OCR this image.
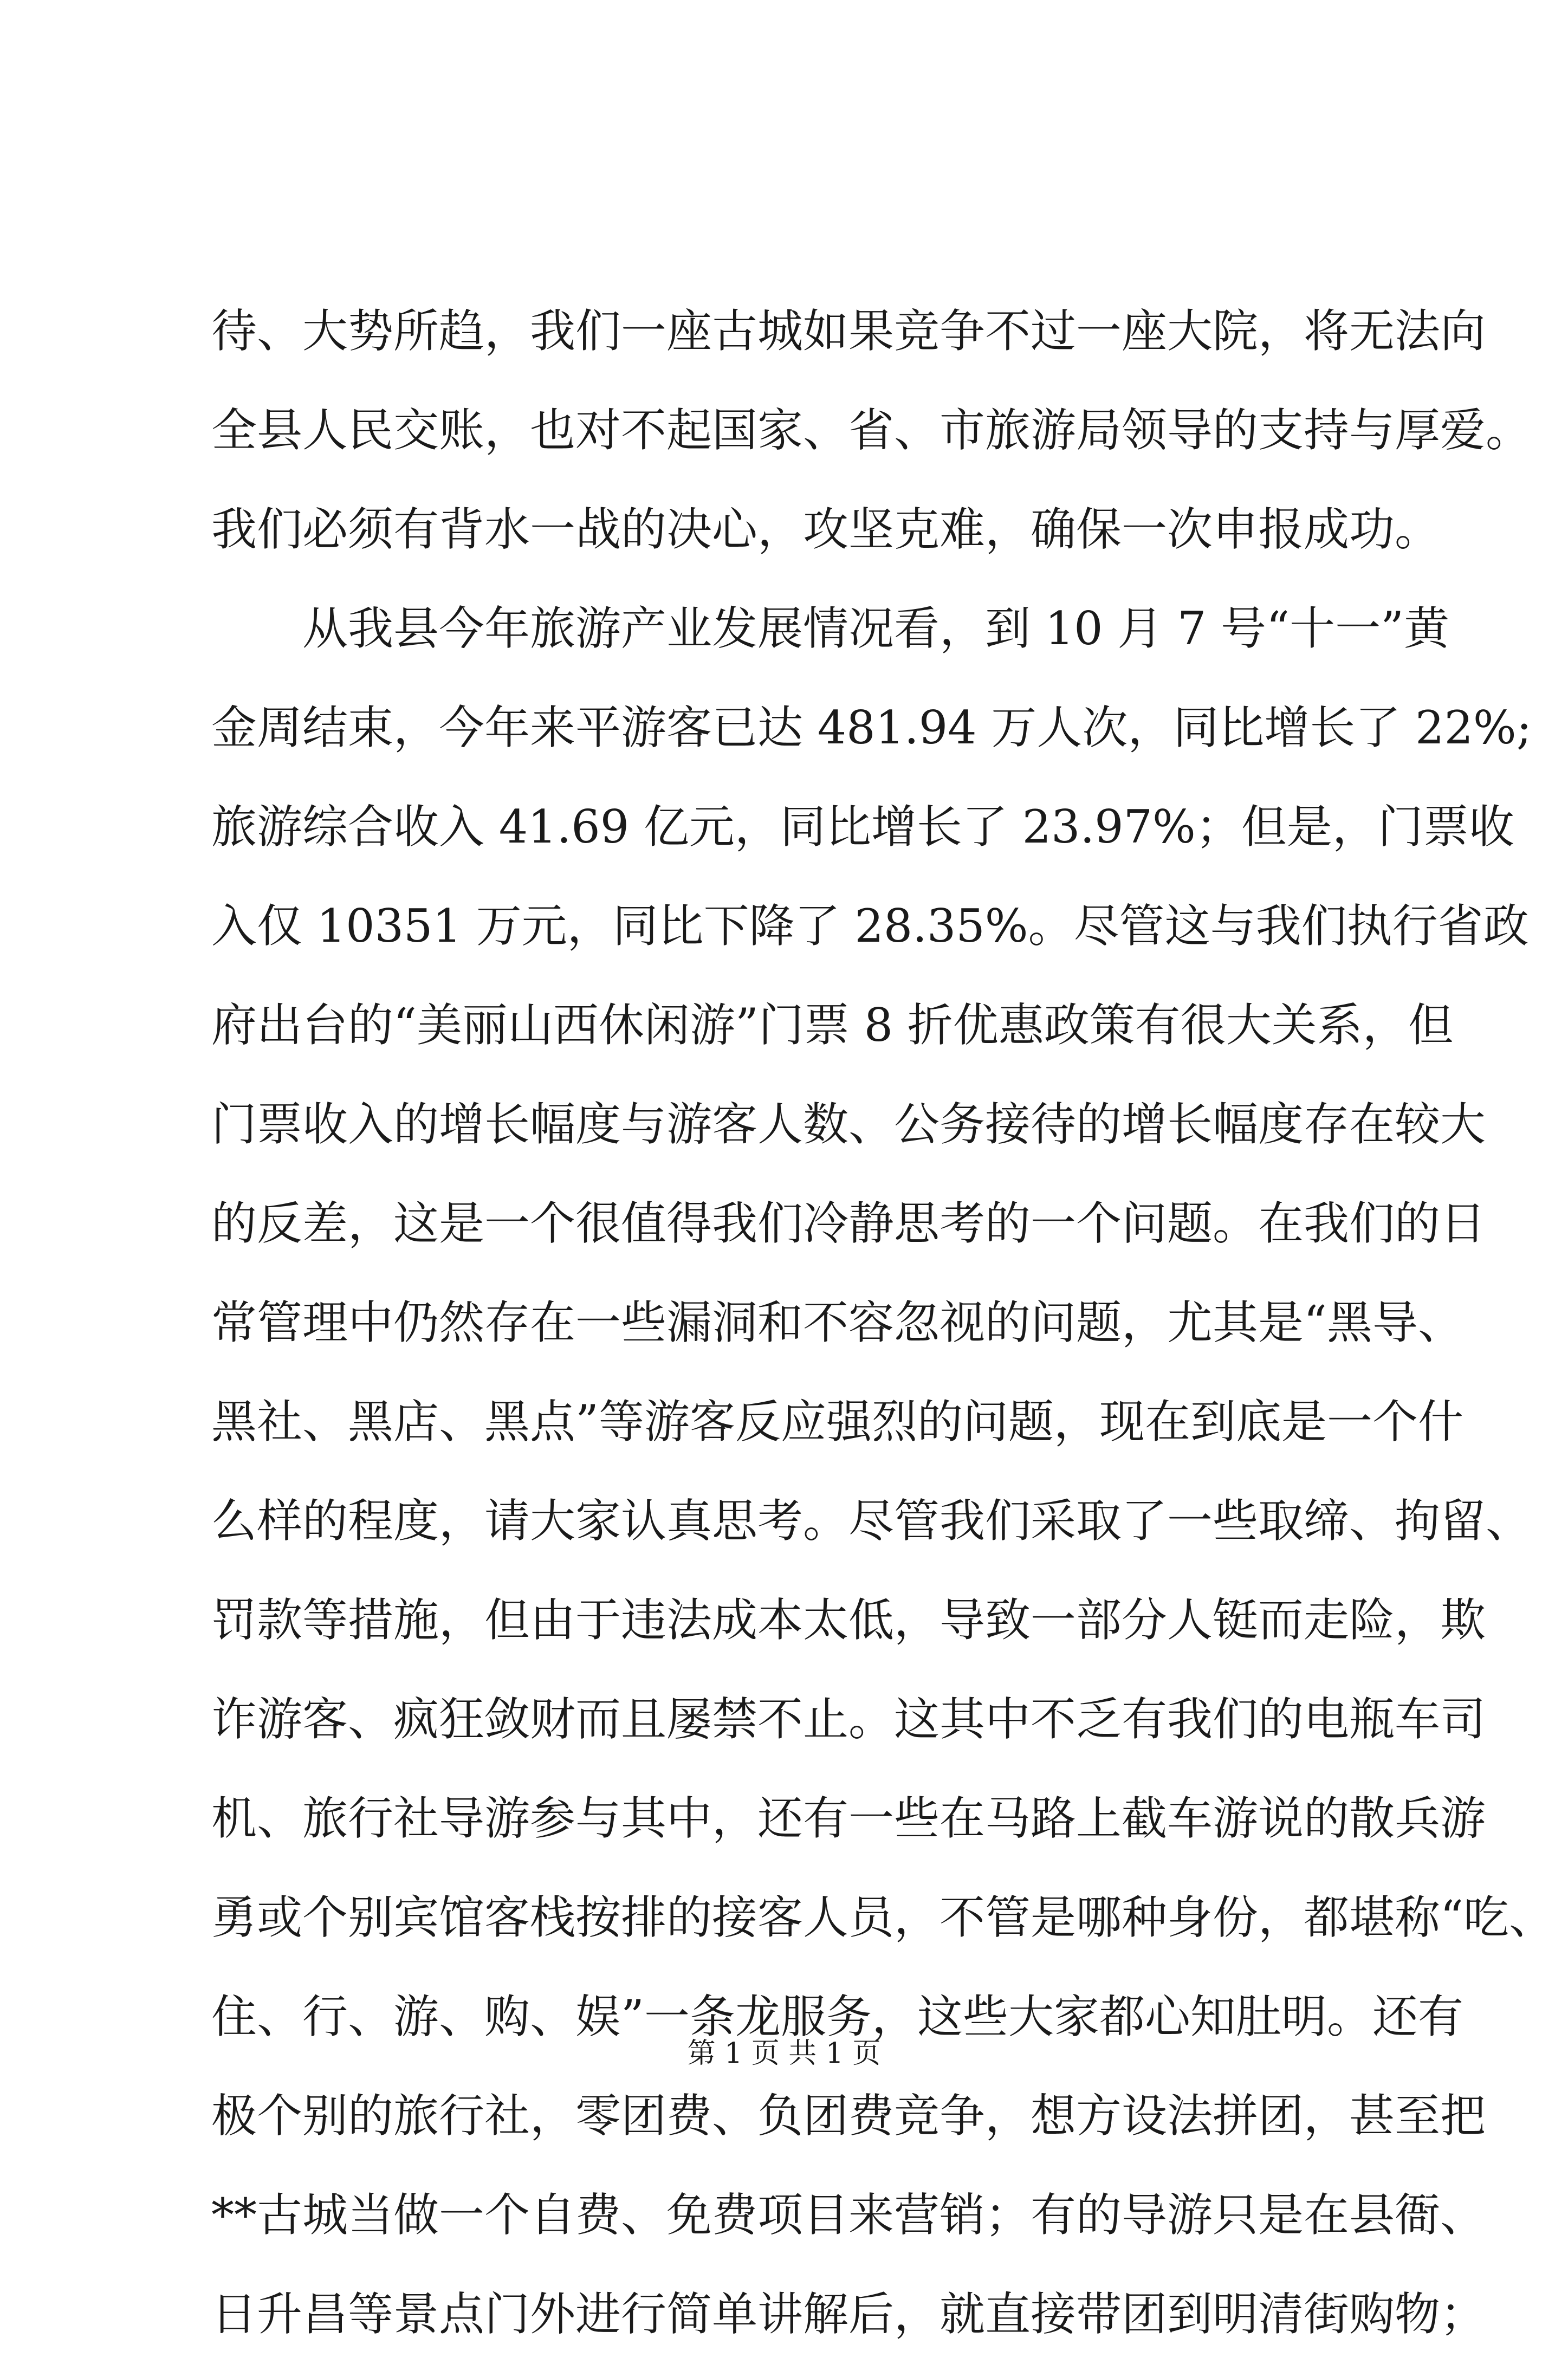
待、大势所趋，我们一座古城如果竞争不过一座大院，将无法向
全县人民交账，也对不起国家、省、市旅游局领导的支持与厚爱。
我们必须有背水一战的决心，攻坚克难，确保一次申报成功。
从我县今年旅游产业发展情况看，到 10 月 7 号“十一”黄
金周结束，今年来平游客已达 481.94 万人次，同比增长了 22%;
旅游综合收入 41.69 亿元，同比增长了 23.97%；但是，门票收
入仅 10351 万元，同比下降了 28.35%。尽管这与我们执行省政
府出台的“美丽山西休闲游”门票 8 折优惠政策有很大关系，但
门票收入的增长幅度与游客人数、公务接待的增长幅度存在较大
的反差，这是一个很值得我们冷静思考的一个问题。在我们的日
常管理中仍然存在一些漏洞和不容忽视的问题，尤其是“黑导、
黑社、黑店、黑点”等游客反应强烈的问题，现在到底是一个什
么样的程度，请大家认真思考。尽管我们采取了一些取缔、拘留、
罚款等措施，但由于违法成本太低，导致一部分人铤而走险，欺
诈游客、疯狂敛财而且屡禁不止。这其中不乏有我们的电瓶车司
机、旅行社导游参与其中，还有一些在马路上截车游说的散兵游
勇或个别宾馆客栈按排的接客人员，不管是哪种身份，都堪称“吃、
住、行、游、购、娱”一条龙服务，这些大家都心知肚明。还有
极个别的旅行社，零团费、负团费竞争，想方设法拼团，甚至把
**古城当做一个自费、免费项目来营销；有的导游只是在县衙、
日升昌等景点门外进行简单讲解后，就直接带团到明清街购物；
第 1 页 共 1 页
